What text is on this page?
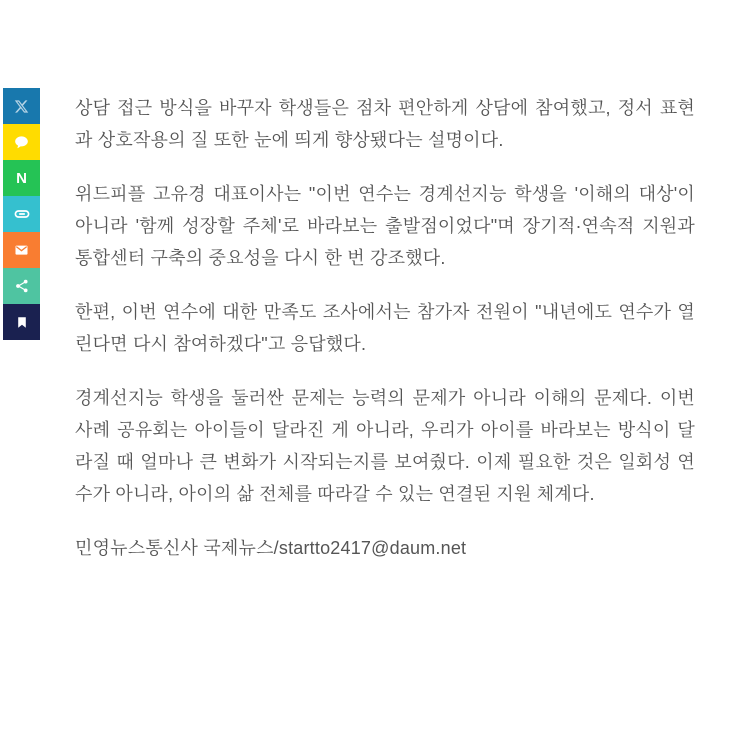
N

상담 접근 방식을 바꾸자 학생들은 점차 편안하게 상담에 참여했고, 정서 표현과 상호작용의 질 또한 눈에 띄게 향상됐다는 설명이다.

위드피플 고유경 대표이사는 "이번 연수는 경계선지능 학생을 '이해의 대상'이 아니라 '함께 성장할 주체'로 바라보는 출발점이었다"며 장기적·연속적 지원과 통합센터 구축의 중요성을 다시 한 번 강조했다.

한편, 이번 연수에 대한 만족도 조사에서는 참가자 전원이 "내년에도 연수가 열린다면 다시 참여하겠다"고 응답했다.

경계선지능 학생을 둘러싼 문제는 능력의 문제가 아니라 이해의 문제다. 이번 사례 공유회는 아이들이 달라진 게 아니라, 우리가 아이를 바라보는 방식이 달라질 때 얼마나 큰 변화가 시작되는지를 보여줬다. 이제 필요한 것은 일회성 연수가 아니라, 아이의 삶 전체를 따라갈 수 있는 연결된 지원 체계다.

민영뉴스통신사 국제뉴스/startto2417@daum.net
